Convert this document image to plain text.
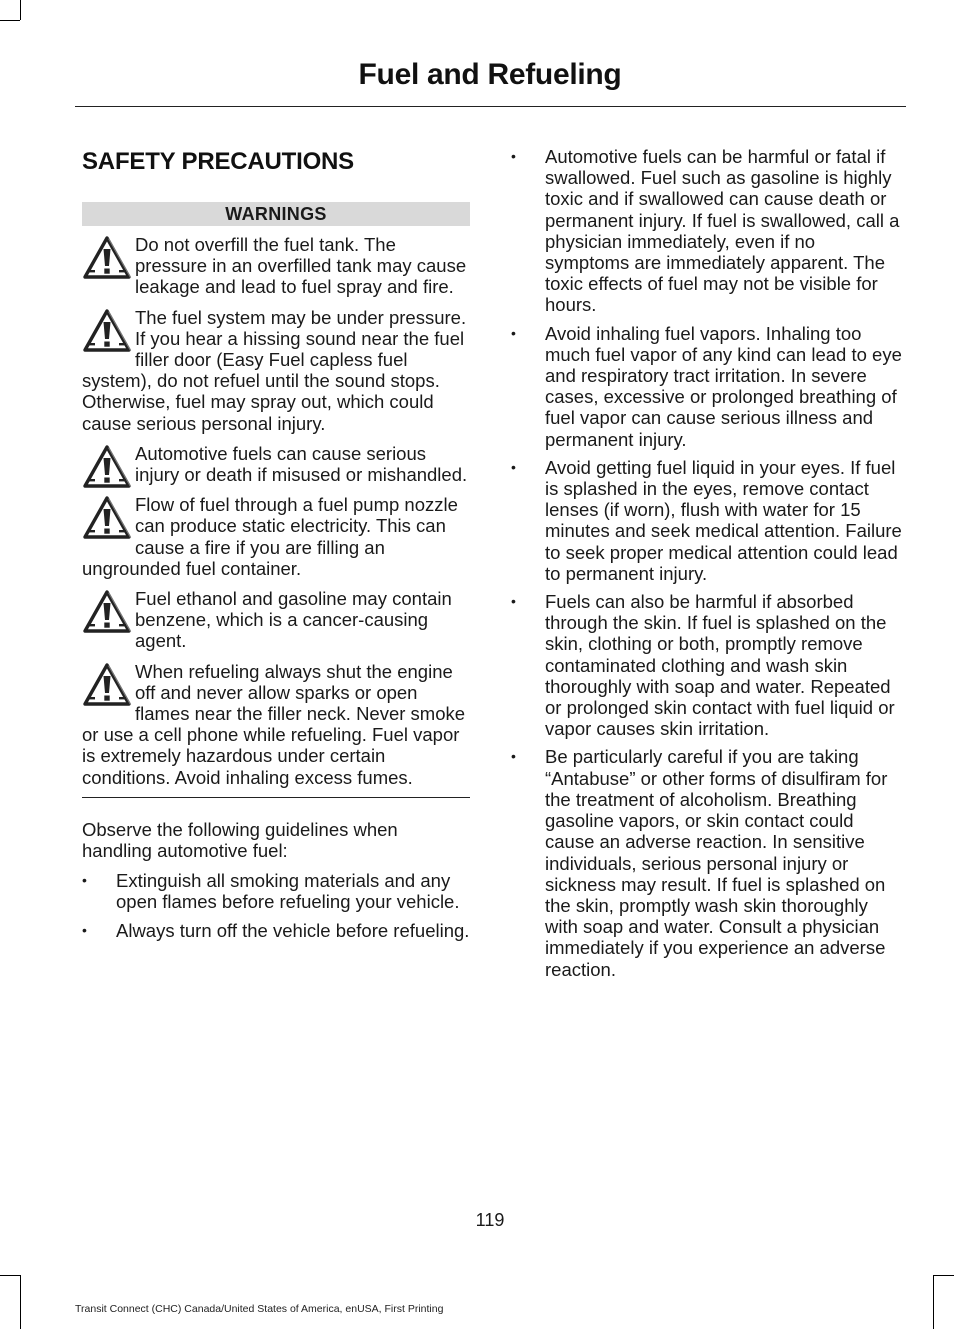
Fuel and Refueling
SAFETY PRECAUTIONS
WARNINGS
Do not overfill the fuel tank. The pressure in an overfilled tank may cause leakage and lead to fuel spray and fire.
The fuel system may be under pressure. If you hear a hissing sound near the fuel filler door (Easy Fuel capless fuel system), do not refuel until the sound stops. Otherwise, fuel may spray out, which could cause serious personal injury.
Automotive fuels can cause serious injury or death if misused or mishandled.
Flow of fuel through a fuel pump nozzle can produce static electricity. This can cause a fire if you are filling an ungrounded fuel container.
Fuel ethanol and gasoline may contain benzene, which is a cancer-causing agent.
When refueling always shut the engine off and never allow sparks or open flames near the filler neck. Never smoke or use a cell phone while refueling. Fuel vapor is extremely hazardous under certain conditions. Avoid inhaling excess fumes.
Observe the following guidelines when handling automotive fuel:
• Extinguish all smoking materials and any open flames before refueling your vehicle.
• Always turn off the vehicle before refueling.
• Automotive fuels can be harmful or fatal if swallowed. Fuel such as gasoline is highly toxic and if swallowed can cause death or permanent injury. If fuel is swallowed, call a physician immediately, even if no symptoms are immediately apparent. The toxic effects of fuel may not be visible for hours.
• Avoid inhaling fuel vapors. Inhaling too much fuel vapor of any kind can lead to eye and respiratory tract irritation. In severe cases, excessive or prolonged breathing of fuel vapor can cause serious illness and permanent injury.
• Avoid getting fuel liquid in your eyes. If fuel is splashed in the eyes, remove contact lenses (if worn), flush with water for 15 minutes and seek medical attention. Failure to seek proper medical attention could lead to permanent injury.
• Fuels can also be harmful if absorbed through the skin. If fuel is splashed on the skin, clothing or both, promptly remove contaminated clothing and wash skin thoroughly with soap and water. Repeated or prolonged skin contact with fuel liquid or vapor causes skin irritation.
• Be particularly careful if you are taking “Antabuse” or other forms of disulfiram for the treatment of alcoholism. Breathing gasoline vapors, or skin contact could cause an adverse reaction. In sensitive individuals, serious personal injury or sickness may result. If fuel is splashed on the skin, promptly wash skin thoroughly with soap and water. Consult a physician immediately if you experience an adverse reaction.
119
Transit Connect (CHC) Canada/United States of America, enUSA, First Printing
